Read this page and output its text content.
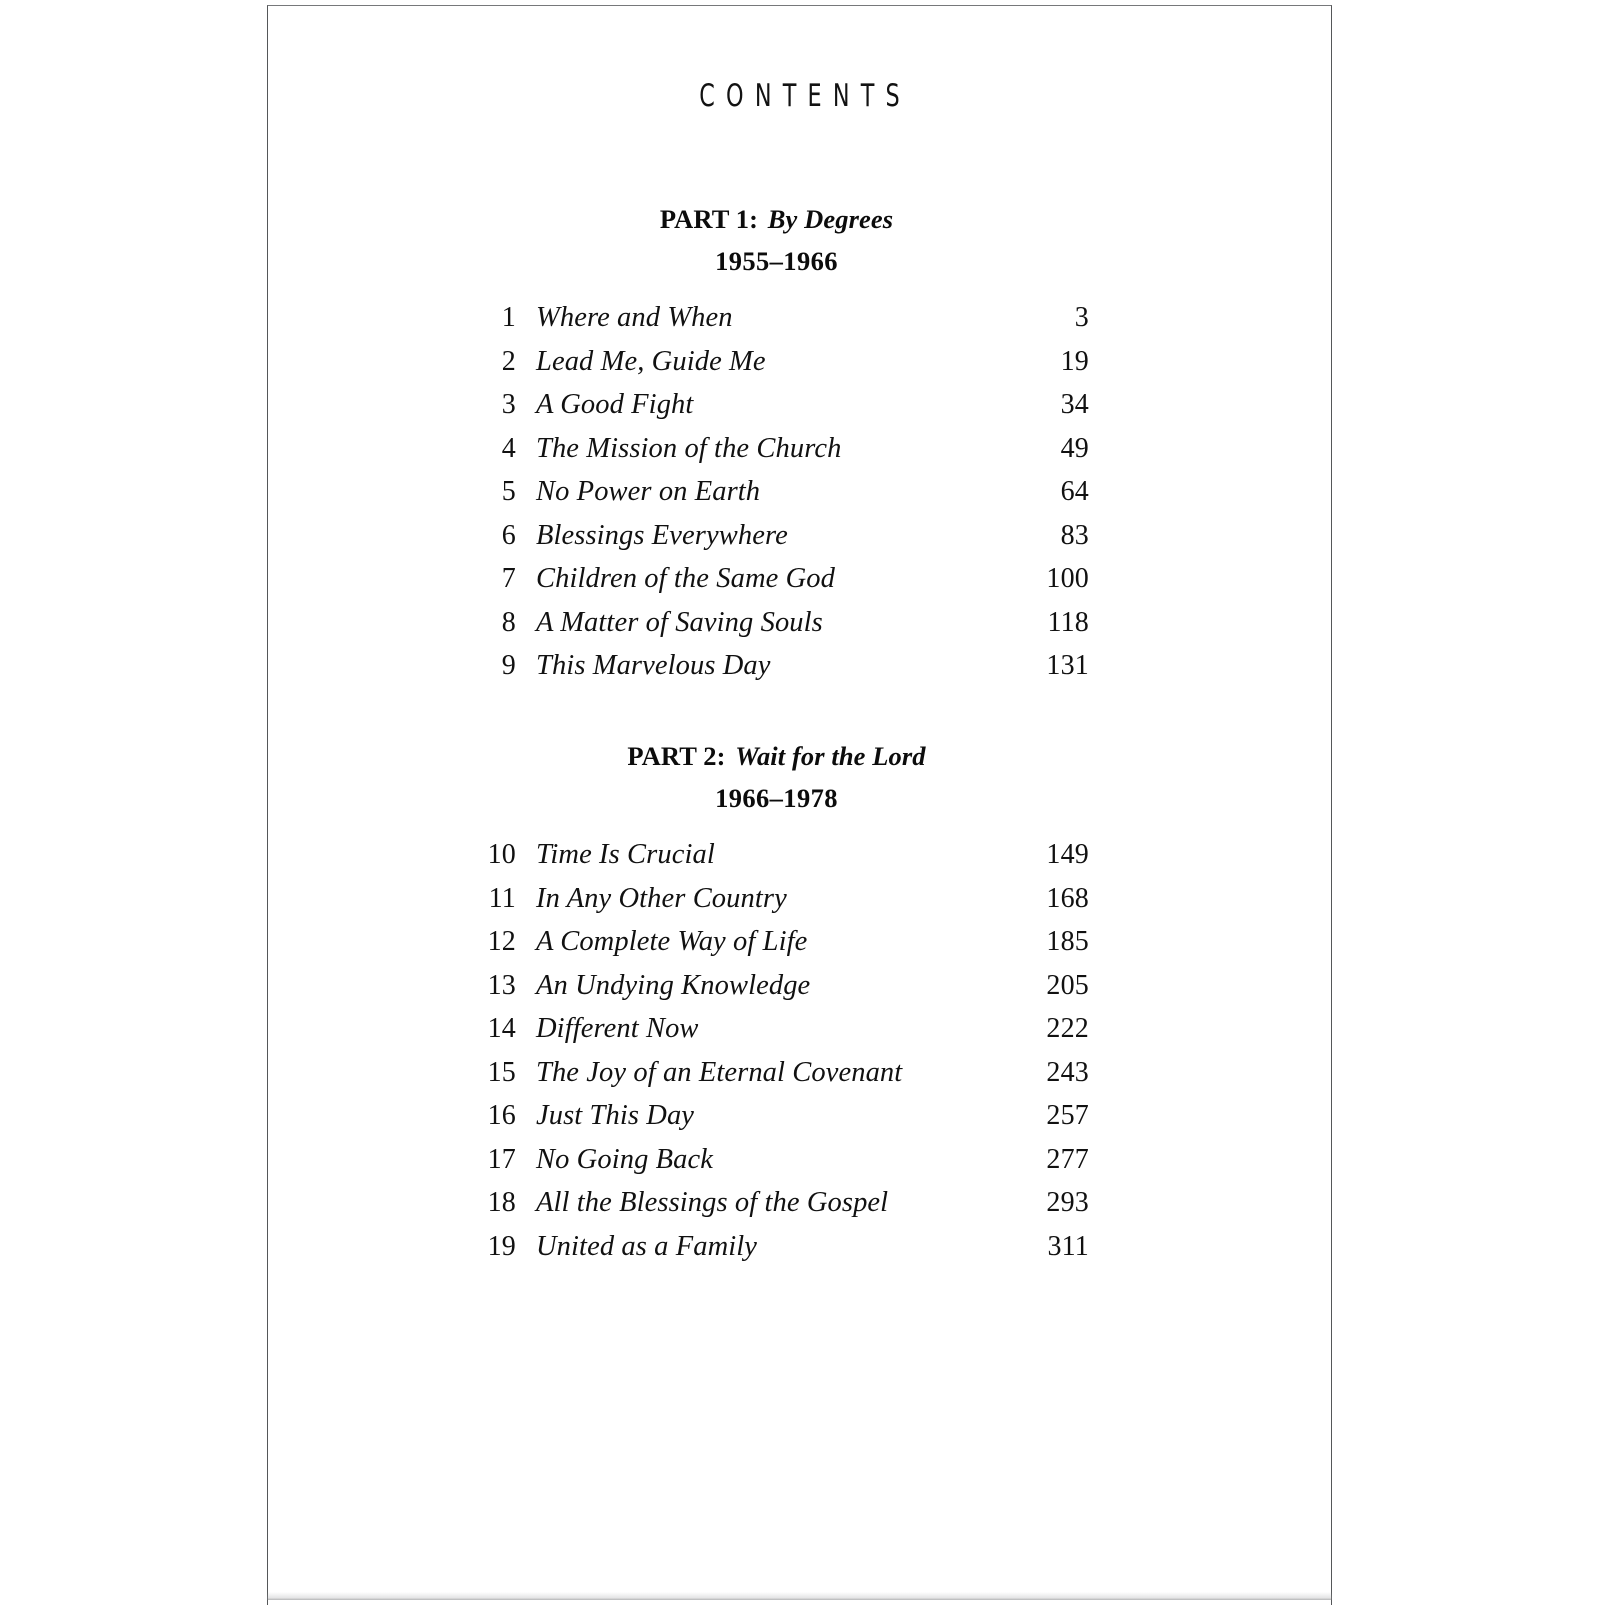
CONTENTS
PART 1: By Degrees
1955–1966
1 Where and When	3
2 Lead Me, Guide Me	19
3 A Good Fight	34
4 The Mission of the Church	49
5 No Power on Earth	64
6 Blessings Everywhere	83
7 Children of the Same God	100
8 A Matter of Saving Souls	118
9 This Marvelous Day	131
PART 2: Wait for the Lord
1966–1978
10 Time Is Crucial	149
11 In Any Other Country	168
12 A Complete Way of Life	185
13 An Undying Knowledge	205
14 Different Now	222
15 The Joy of an Eternal Covenant	243
16 Just This Day	257
17 No Going Back	277
18 All the Blessings of the Gospel	293
19 United as a Family	311
